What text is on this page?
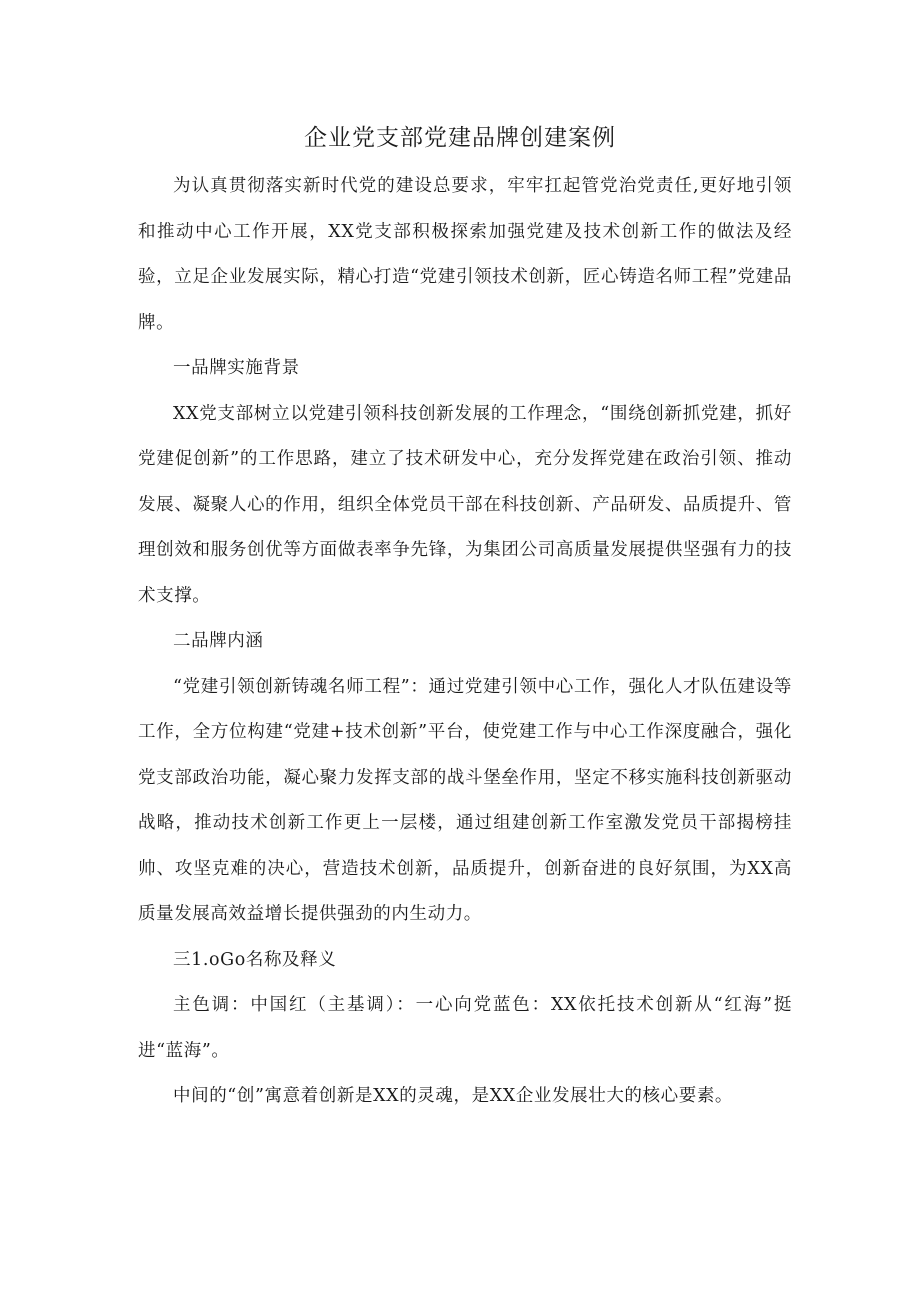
企业党支部党建品牌创建案例

为认真贯彻落实新时代党的建设总要求，牢牢扛起管党治党责任,更好地引领和推动中心工作开展，XX党支部积极探索加强党建及技术创新工作的做法及经验，立足企业发展实际，精心打造“党建引领技术创新，匠心铸造名师工程”党建品牌。

一品牌实施背景

XX党支部树立以党建引领科技创新发展的工作理念，“围绕创新抓党建，抓好党建促创新”的工作思路，建立了技术研发中心，充分发挥党建在政治引领、推动发展、凝聚人心的作用，组织全体党员干部在科技创新、产品研发、品质提升、管理创效和服务创优等方面做表率争先锋，为集团公司高质量发展提供坚强有力的技术支撑。

二品牌内涵

“党建引领创新铸魂名师工程”：通过党建引领中心工作，强化人才队伍建设等工作，全方位构建“党建+技术创新”平台，使党建工作与中心工作深度融合，强化党支部政治功能，凝心聚力发挥支部的战斗堡垒作用，坚定不移实施科技创新驱动战略，推动技术创新工作更上一层楼，通过组建创新工作室激发党员干部揭榜挂帅、攻坚克难的决心，营造技术创新，品质提升，创新奋进的良好氛围，为XX高质量发展高效益增长提供强劲的内生动力。

三1.oGo名称及释义

主色调：中国红（主基调）：一心向党蓝色：XX依托技术创新从“红海”挺进“蓝海”。

中间的“创”寓意着创新是XX的灵魂，是XX企业发展壮大的核心要素。
